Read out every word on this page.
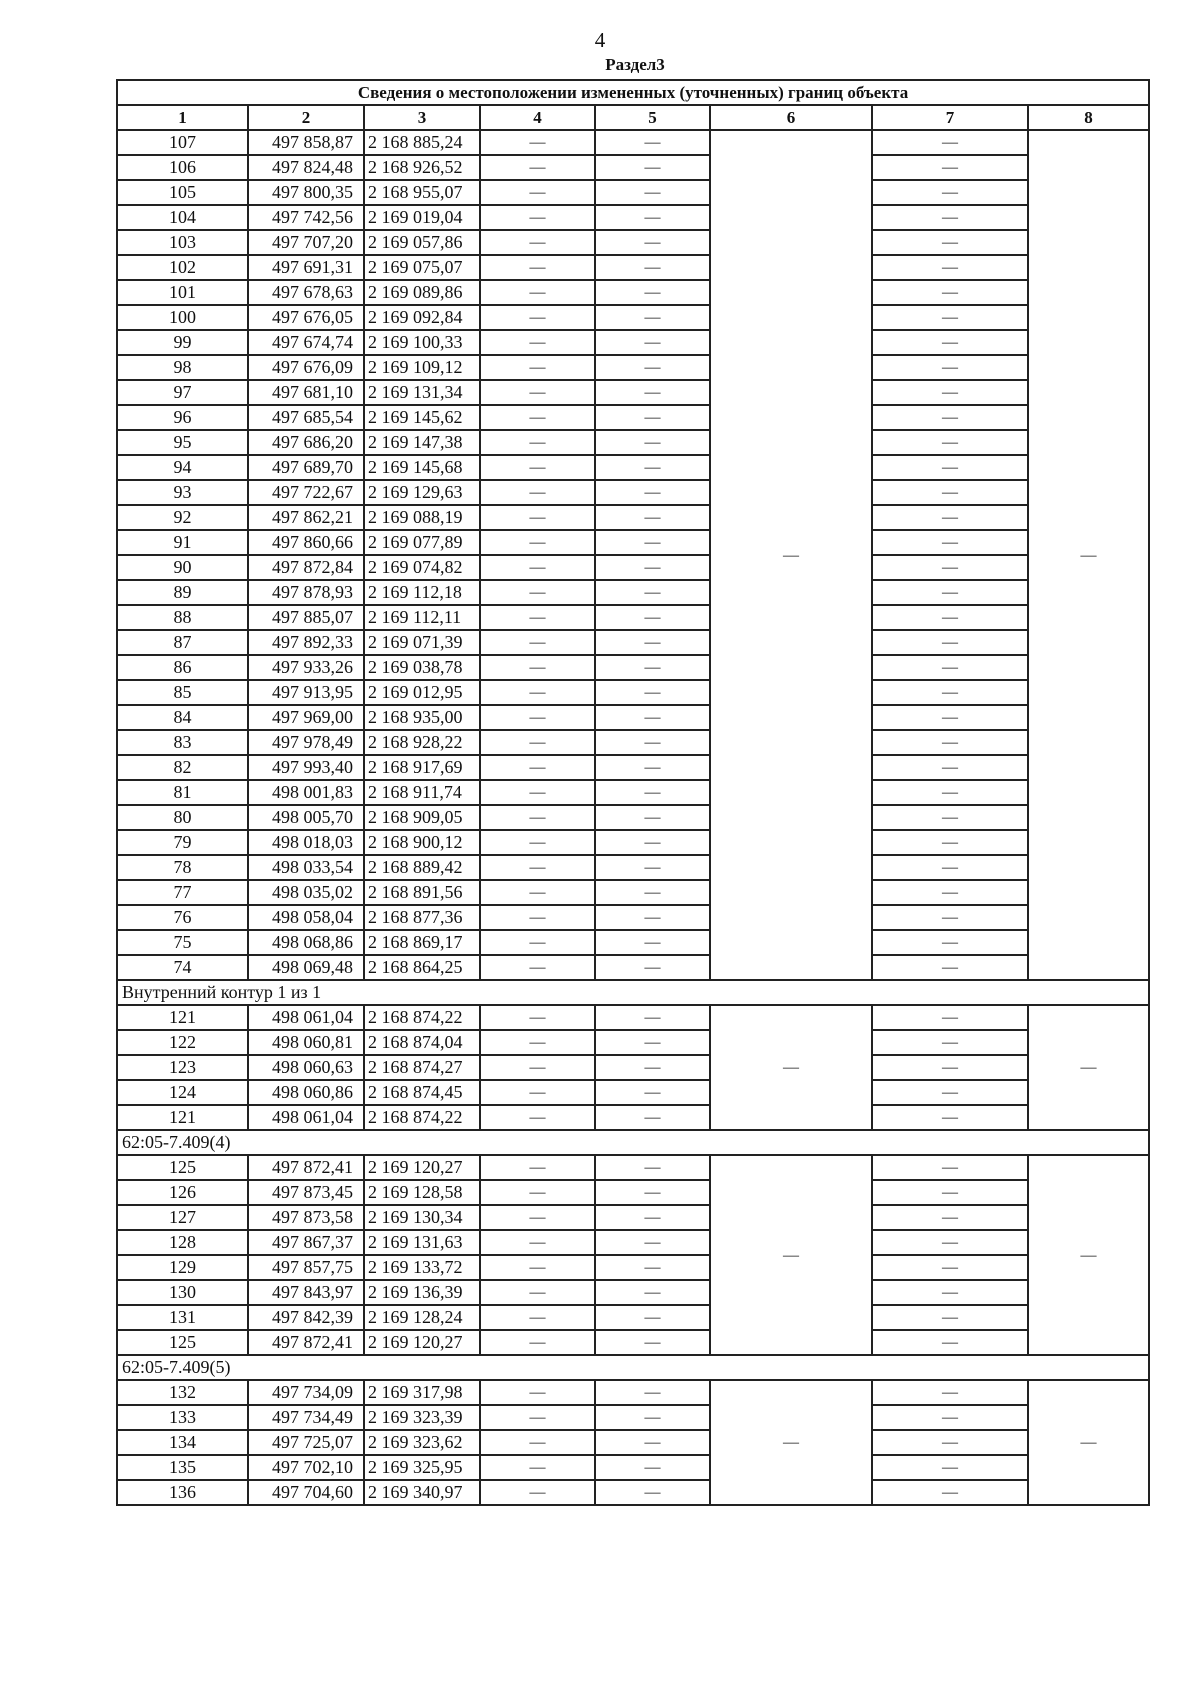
4
Раздел3
Сведения о местоположении измененных (уточненных) границ объекта							
1	2	3	4	5	6	7	8
107	497 858,87	2 168 885,24	—	—	—	—	—
106	497 824,48	2 168 926,52	—	—		—	
105	497 800,35	2 168 955,07	—	—		—	
104	497 742,56	2 169 019,04	—	—		—	
103	497 707,20	2 169 057,86	—	—		—	
102	497 691,31	2 169 075,07	—	—		—	
101	497 678,63	2 169 089,86	—	—		—	
100	497 676,05	2 169 092,84	—	—		—	
99	497 674,74	2 169 100,33	—	—		—	
98	497 676,09	2 169 109,12	—	—		—	
97	497 681,10	2 169 131,34	—	—		—	
96	497 685,54	2 169 145,62	—	—		—	
95	497 686,20	2 169 147,38	—	—		—	
94	497 689,70	2 169 145,68	—	—		—	
93	497 722,67	2 169 129,63	—	—		—	
92	497 862,21	2 169 088,19	—	—		—	
91	497 860,66	2 169 077,89	—	—		—	
90	497 872,84	2 169 074,82	—	—		—	
89	497 878,93	2 169 112,18	—	—		—	
88	497 885,07	2 169 112,11	—	—		—	
87	497 892,33	2 169 071,39	—	—		—	
86	497 933,26	2 169 038,78	—	—		—	
85	497 913,95	2 169 012,95	—	—		—	
84	497 969,00	2 168 935,00	—	—		—	
83	497 978,49	2 168 928,22	—	—		—	
82	497 993,40	2 168 917,69	—	—		—	
81	498 001,83	2 168 911,74	—	—		—	
80	498 005,70	2 168 909,05	—	—		—	
79	498 018,03	2 168 900,12	—	—		—	
78	498 033,54	2 168 889,42	—	—		—	
77	498 035,02	2 168 891,56	—	—		—	
76	498 058,04	2 168 877,36	—	—		—	
75	498 068,86	2 168 869,17	—	—		—	
74	498 069,48	2 168 864,25	—	—		—	
Внутренний контур 1 из 1							
121	498 061,04	2 168 874,22	—	—	—	—	—
122	498 060,81	2 168 874,04	—	—		—	
123	498 060,63	2 168 874,27	—	—		—	
124	498 060,86	2 168 874,45	—	—		—	
121	498 061,04	2 168 874,22	—	—		—	
62:05-7.409(4)							
125	497 872,41	2 169 120,27	—	—	—	—	—
126	497 873,45	2 169 128,58	—	—		—	
127	497 873,58	2 169 130,34	—	—		—	
128	497 867,37	2 169 131,63	—	—		—	
129	497 857,75	2 169 133,72	—	—		—	
130	497 843,97	2 169 136,39	—	—		—	
131	497 842,39	2 169 128,24	—	—		—	
125	497 872,41	2 169 120,27	—	—		—	
62:05-7.409(5)							
132	497 734,09	2 169 317,98	—	—	—	—	—
133	497 734,49	2 169 323,39	—	—		—	
134	497 725,07	2 169 323,62	—	—		—	
135	497 702,10	2 169 325,95	—	—		—	
136	497 704,60	2 169 340,97	—	—		—	
